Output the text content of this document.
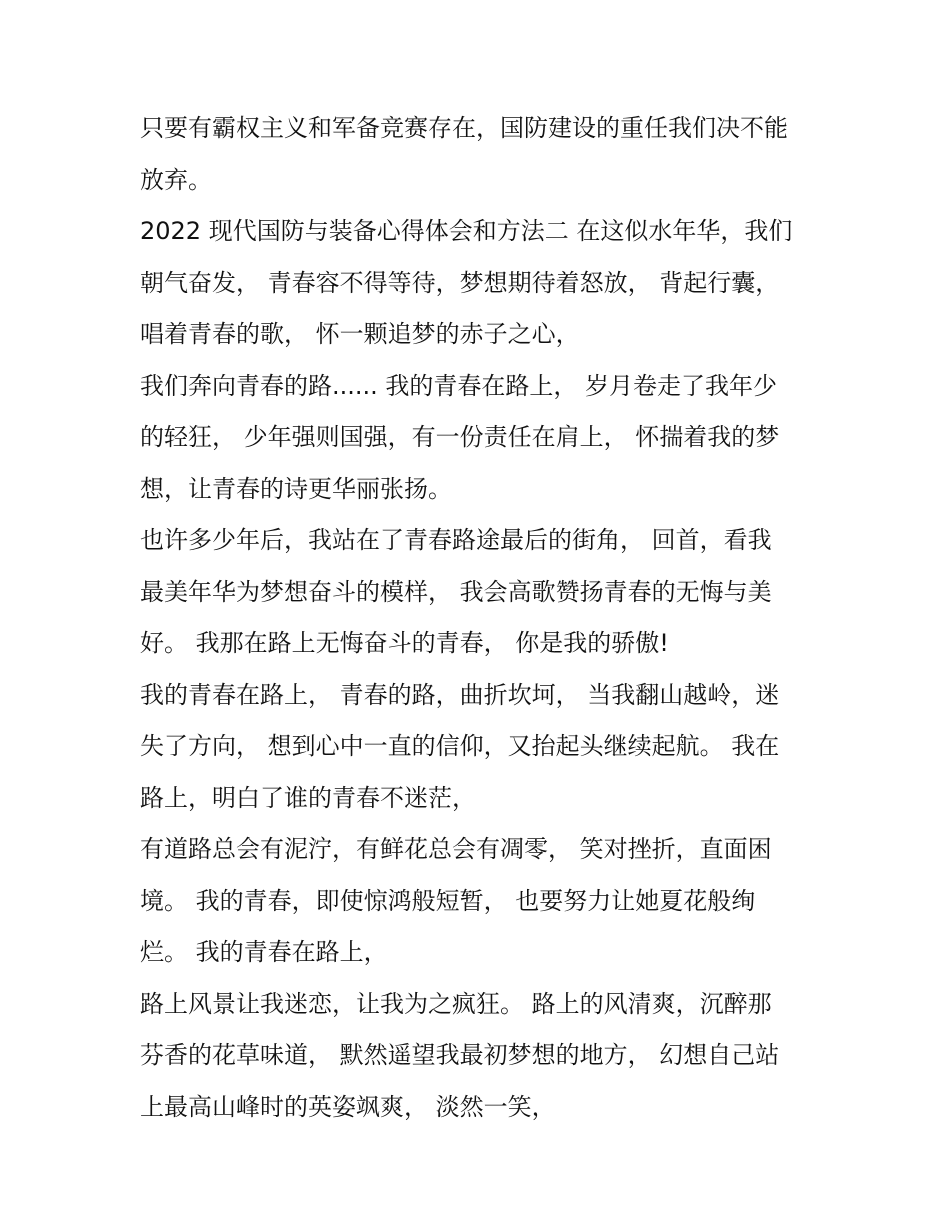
只要有霸权主义和军备竞赛存在，国防建设的重任我们决不能
放弃。
2022 现代国防与装备心得体会和方法二 在这似水年华，我们
朝气奋发， 青春容不得等待，梦想期待着怒放， 背起行囊，
唱着青春的歌， 怀一颗追梦的赤子之心，
我们奔向青春的路...... 我的青春在路上， 岁月卷走了我年少
的轻狂， 少年强则国强，有一份责任在肩上， 怀揣着我的梦
想，让青春的诗更华丽张扬。
也许多少年后，我站在了青春路途最后的街角， 回首，看我
最美年华为梦想奋斗的模样， 我会高歌赞扬青春的无悔与美
好。 我那在路上无悔奋斗的青春， 你是我的骄傲!
我的青春在路上， 青春的路，曲折坎坷， 当我翻山越岭，迷
失了方向， 想到心中一直的信仰，又抬起头继续起航。 我在
路上，明白了谁的青春不迷茫，
有道路总会有泥泞，有鲜花总会有凋零， 笑对挫折，直面困
境。 我的青春，即使惊鸿般短暂， 也要努力让她夏花般绚
烂。 我的青春在路上，
路上风景让我迷恋，让我为之疯狂。 路上的风清爽，沉醉那
芬香的花草味道， 默然遥望我最初梦想的地方， 幻想自己站
上最高山峰时的英姿飒爽， 淡然一笑，
